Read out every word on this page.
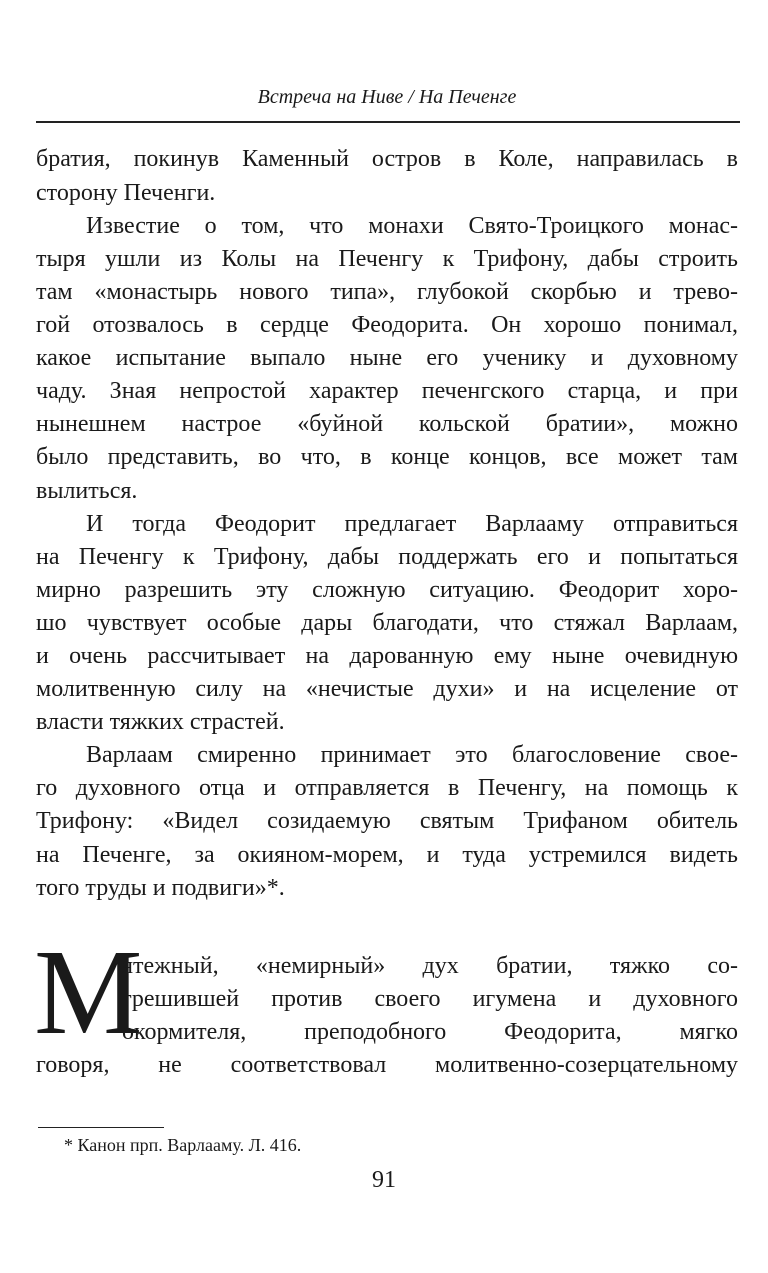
Встреча на Ниве / На Печенге
братия, покинув Каменный остров в Коле, направилась в
сторону Печенги.
Известие о том, что монахи Свято-Троицкого монас-
тыря ушли из Колы на Печенгу к Трифону, дабы строить
там «монастырь нового типа», глубокой скорбью и трево-
гой отозвалось в сердце Феодорита. Он хорошо понимал,
какое испытание выпало ныне его ученику и духовному
чаду. Зная непростой характер печенгского старца, и при
нынешнем настрое «буйной кольской братии», можно
было представить, во что, в конце концов, все может там
вылиться.
И тогда Феодорит предлагает Варлааму отправиться
на Печенгу к Трифону, дабы поддержать его и попытаться
мирно разрешить эту сложную ситуацию. Феодорит хоро-
шо чувствует особые дары благодати, что стяжал Варлаам,
и очень рассчитывает на дарованную ему ныне очевидную
молитвенную силу на «нечистые духи» и на исцеление от
власти тяжких страстей.
Варлаам смиренно принимает это благословение свое-
го духовного отца и отправляется в Печенгу, на помощь к
Трифону: «Видел созидаемую святым Трифаном обитель
на Печенге, за окияном-морем, и туда устремился видеть
того труды и подвиги»*.
М
ятежный, «немирный» дух братии, тяжко со-
грешившей против своего игумена и духовного
окормителя, преподобного Феодорита, мягко
говоря, не соответствовал молитвенно-созерцательному
* Канон прп. Варлааму. Л. 416.
91
